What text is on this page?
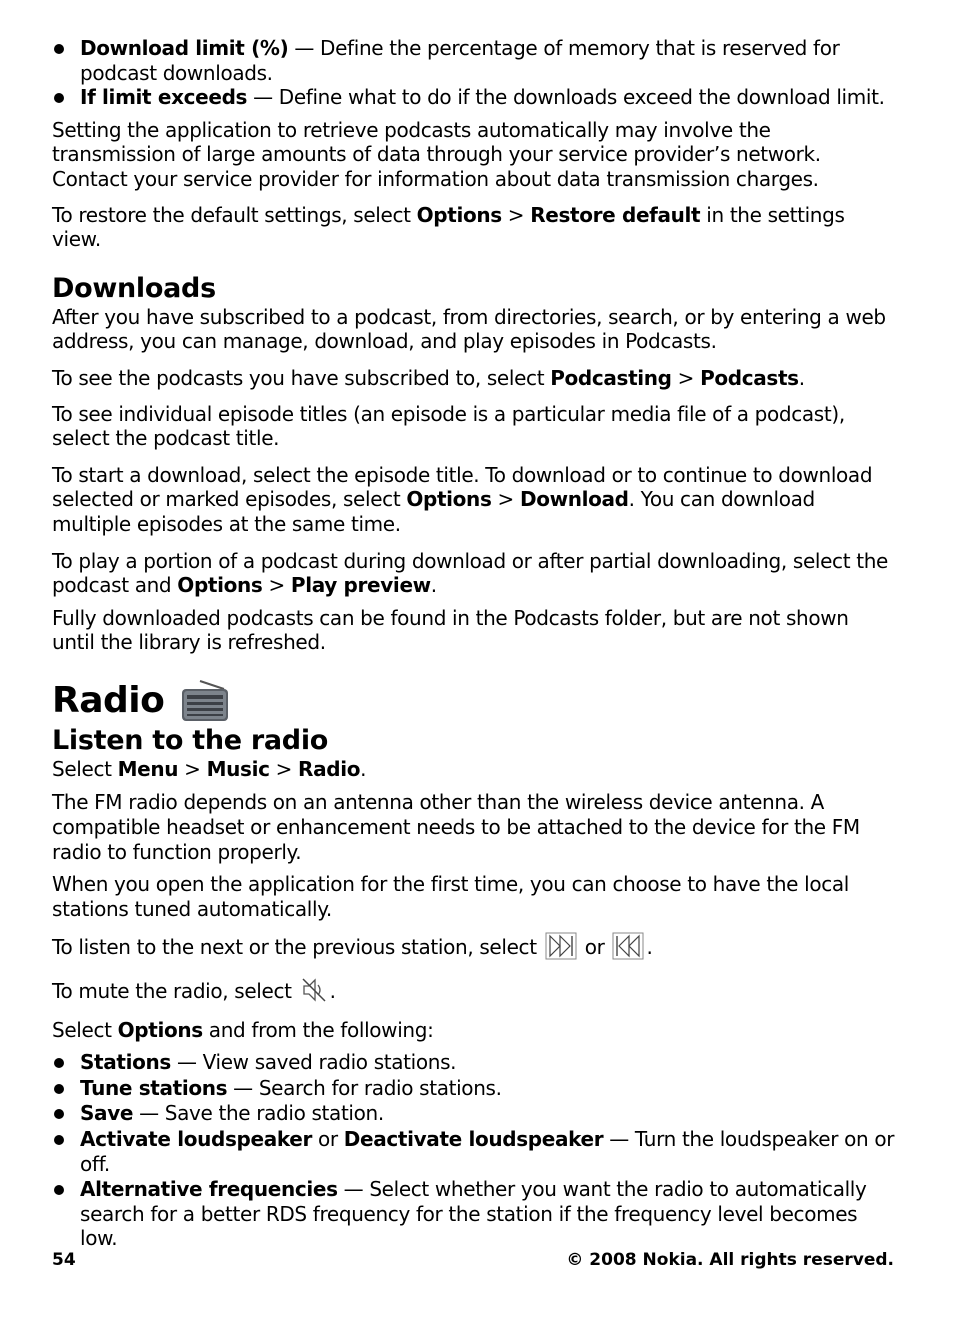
Download limit (%) — Define the percentage of memory that is reserved for podcast downloads.
If limit exceeds — Define what to do if the downloads exceed the download limit.

Setting the application to retrieve podcasts automatically may involve the transmission of large amounts of data through your service provider’s network. Contact your service provider for information about data transmission charges.

To restore the default settings, select Options > Restore default in the settings view.

Downloads

After you have subscribed to a podcast, from directories, search, or by entering a web address, you can manage, download, and play episodes in Podcasts.

To see the podcasts you have subscribed to, select Podcasting > Podcasts.

To see individual episode titles (an episode is a particular media file of a podcast), select the podcast title.

To start a download, select the episode title. To download or to continue to download selected or marked episodes, select Options > Download. You can download multiple episodes at the same time.

To play a portion of a podcast during download or after partial downloading, select the podcast and Options > Play preview.

Fully downloaded podcasts can be found in the Podcasts folder, but are not shown until the library is refreshed.

Radio
Listen to the radio

Select Menu > Music > Radio.

The FM radio depends on an antenna other than the wireless device antenna. A compatible headset or enhancement needs to be attached to the device for the FM radio to function properly.

When you open the application for the first time, you can choose to have the local stations tuned automatically.

To listen to the next or the previous station, select  or .

To mute the radio, select .

Select Options and from the following:

Stations — View saved radio stations.
Tune stations — Search for radio stations.
Save — Save the radio station.
Activate loudspeaker or Deactivate loudspeaker — Turn the loudspeaker on or off.
Alternative frequencies — Select whether you want the radio to automatically search for a better RDS frequency for the station if the frequency level becomes low.
54	© 2008 Nokia. All rights reserved.
